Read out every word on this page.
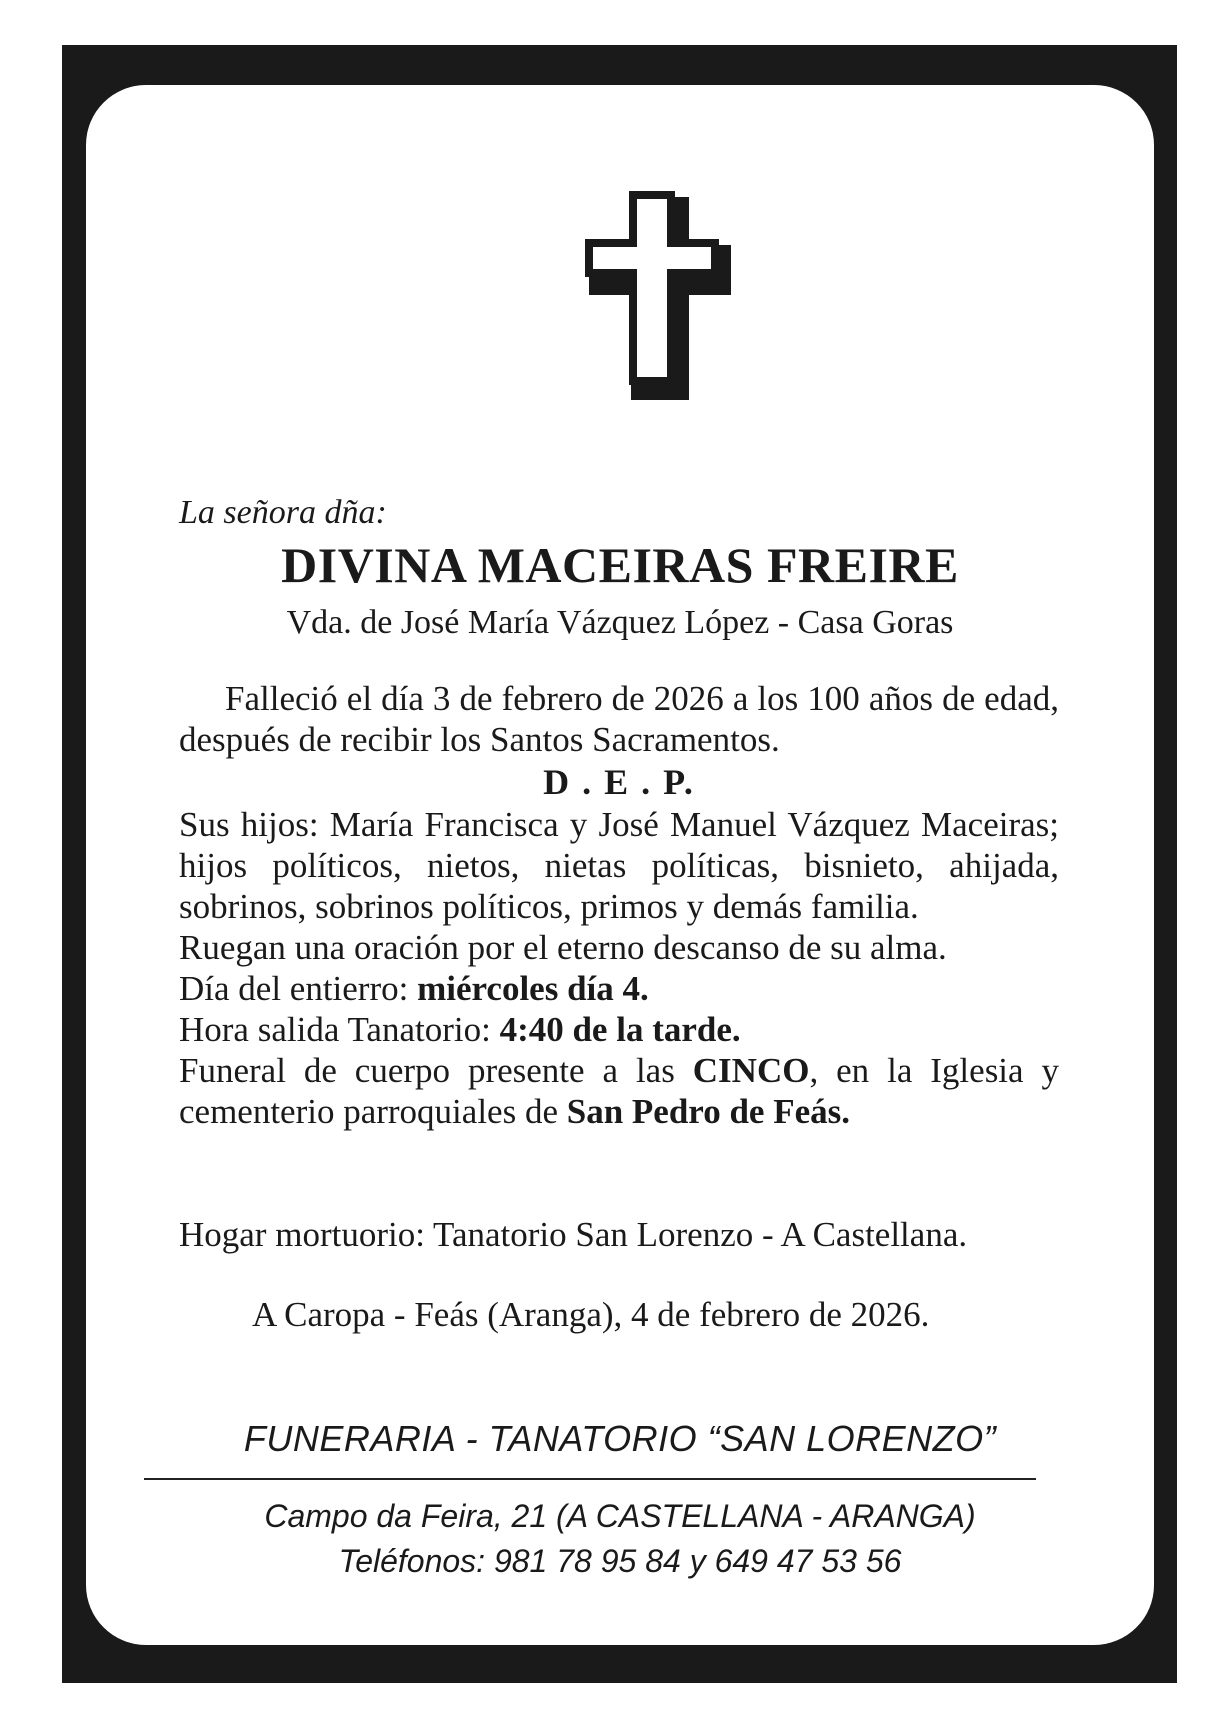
La señora dña:
DIVINA MACEIRAS FREIRE
Vda. de José María Vázquez López - Casa Goras

Falleció el día 3 de febrero de 2026 a los 100 años de edad, después de recibir los Santos Sacramentos.

D . E . P.

Sus hijos: María Francisca y José Manuel Vázquez Maceiras; hijos políticos, nietos, nietas políticas, bisnieto, ahijada, sobrinos, sobrinos políticos, primos y demás familia.

Ruegan una oración por el eterno descanso de su alma.

Día del entierro: miércoles día 4.

Hora salida Tanatorio: 4:40 de la tarde.

Funeral de cuerpo presente a las CINCO, en la Iglesia y cementerio parroquiales de San Pedro de Feás.

Hogar mortuorio: Tanatorio San Lorenzo - A Castellana.
A Caropa - Feás (Aranga), 4 de febrero de 2026.
FUNERARIA - TANATORIO “SAN LORENZO”
Campo da Feira, 21 (A CASTELLANA - ARANGA)
Teléfonos: 981 78 95 84 y 649 47 53 56
